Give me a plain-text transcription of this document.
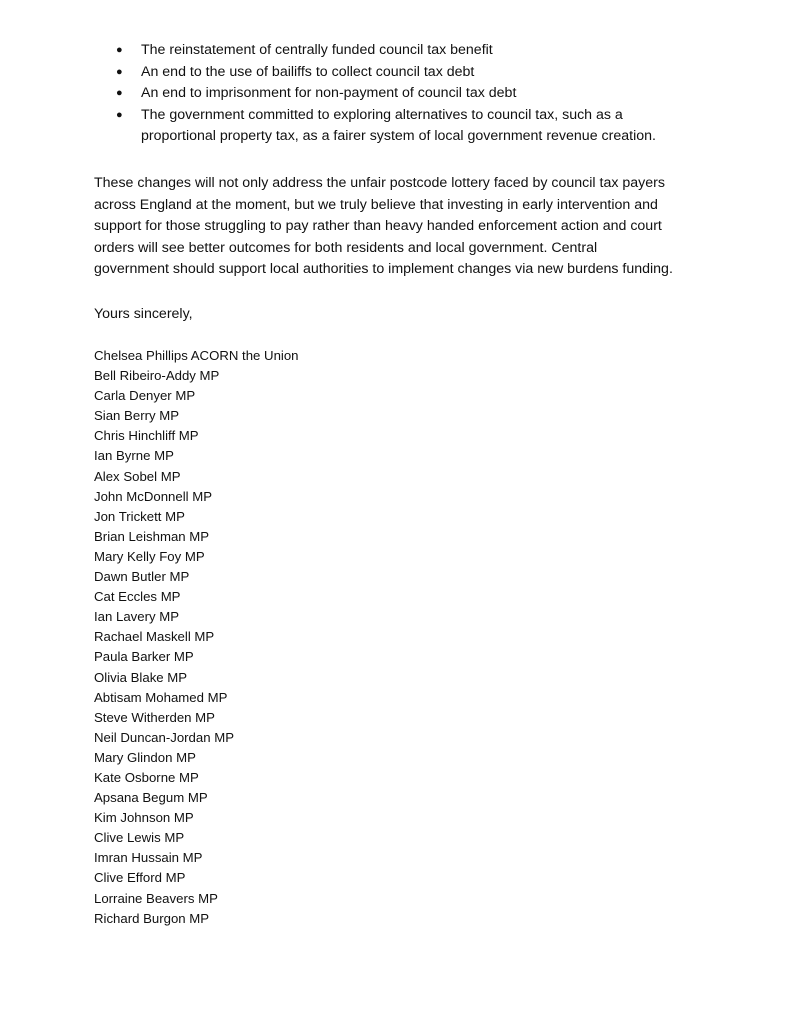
● The reinstatement of centrally funded council tax benefit
● An end to the use of bailiffs to collect council tax debt
● An end to imprisonment for non-payment of council tax debt
● The government committed to exploring alternatives to council tax, such as a
proportional property tax, as a fairer system of local government revenue creation.

These changes will not only address the unfair postcode lottery faced by council tax payers
across England at the moment, but we truly believe that investing in early intervention and
support for those struggling to pay rather than heavy handed enforcement action and court
orders will see better outcomes for both residents and local government. Central
government should support local authorities to implement changes via new burdens funding.

Yours sincerely,

Chelsea Phillips ACORN the Union
Bell Ribeiro-Addy MP
Carla Denyer MP
Sian Berry MP
Chris Hinchliff MP
Ian Byrne MP
Alex Sobel MP
John McDonnell MP
Jon Trickett MP
Brian Leishman MP
Mary Kelly Foy MP
Dawn Butler MP
Cat Eccles MP
Ian Lavery MP
Rachael Maskell MP
Paula Barker MP
Olivia Blake MP
Abtisam Mohamed MP
Steve Witherden MP
Neil Duncan-Jordan MP
Mary Glindon MP
Kate Osborne MP
Apsana Begum MP
Kim Johnson MP
Clive Lewis MP
Imran Hussain MP
Clive Efford MP
Lorraine Beavers MP
Richard Burgon MP
